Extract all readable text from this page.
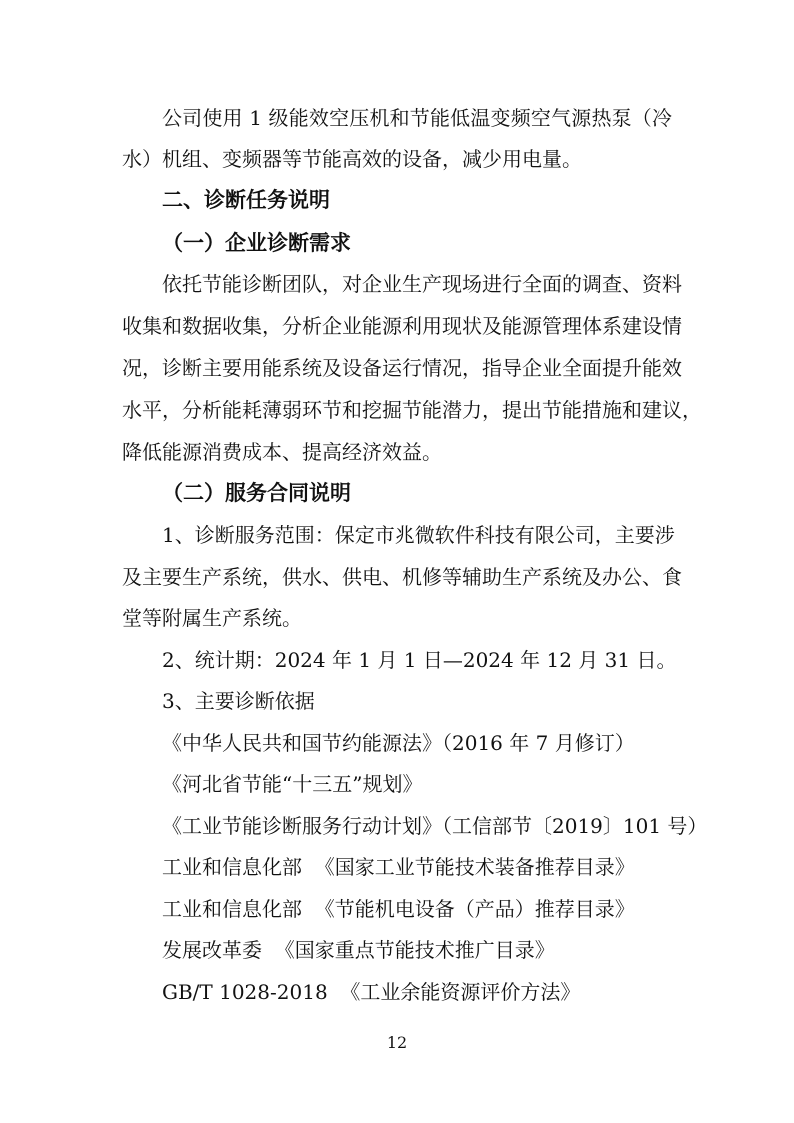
公司使用 1 级能效空压机和节能低温变频空气源热泵（冷

水）机组、变频器等节能高效的设备，减少用电量。

二、诊断任务说明

（一）企业诊断需求

依托节能诊断团队，对企业生产现场进行全面的调查、资料

收集和数据收集，分析企业能源利用现状及能源管理体系建设情

况，诊断主要用能系统及设备运行情况，指导企业全面提升能效

水平，分析能耗薄弱环节和挖掘节能潜力，提出节能措施和建议，

降低能源消费成本、提高经济效益。

（二）服务合同说明

1、诊断服务范围：保定市兆微软件科技有限公司，主要涉

及主要生产系统，供水、供电、机修等辅助生产系统及办公、食

堂等附属生产系统。

2、统计期：2024 年 1 月 1 日—2024 年 12 月 31 日。

3、主要诊断依据

《中华人民共和国节约能源法》（2016 年 7 月修订）

《河北省节能“十三五”规划》

《工业节能诊断服务行动计划》（工信部节〔2019〕101 号）

工业和信息化部  《国家工业节能技术装备推荐目录》

工业和信息化部  《节能机电设备（产品）推荐目录》

发展改革委  《国家重点节能技术推广目录》

GB/T 1028-2018  《工业余能资源评价方法》

12
